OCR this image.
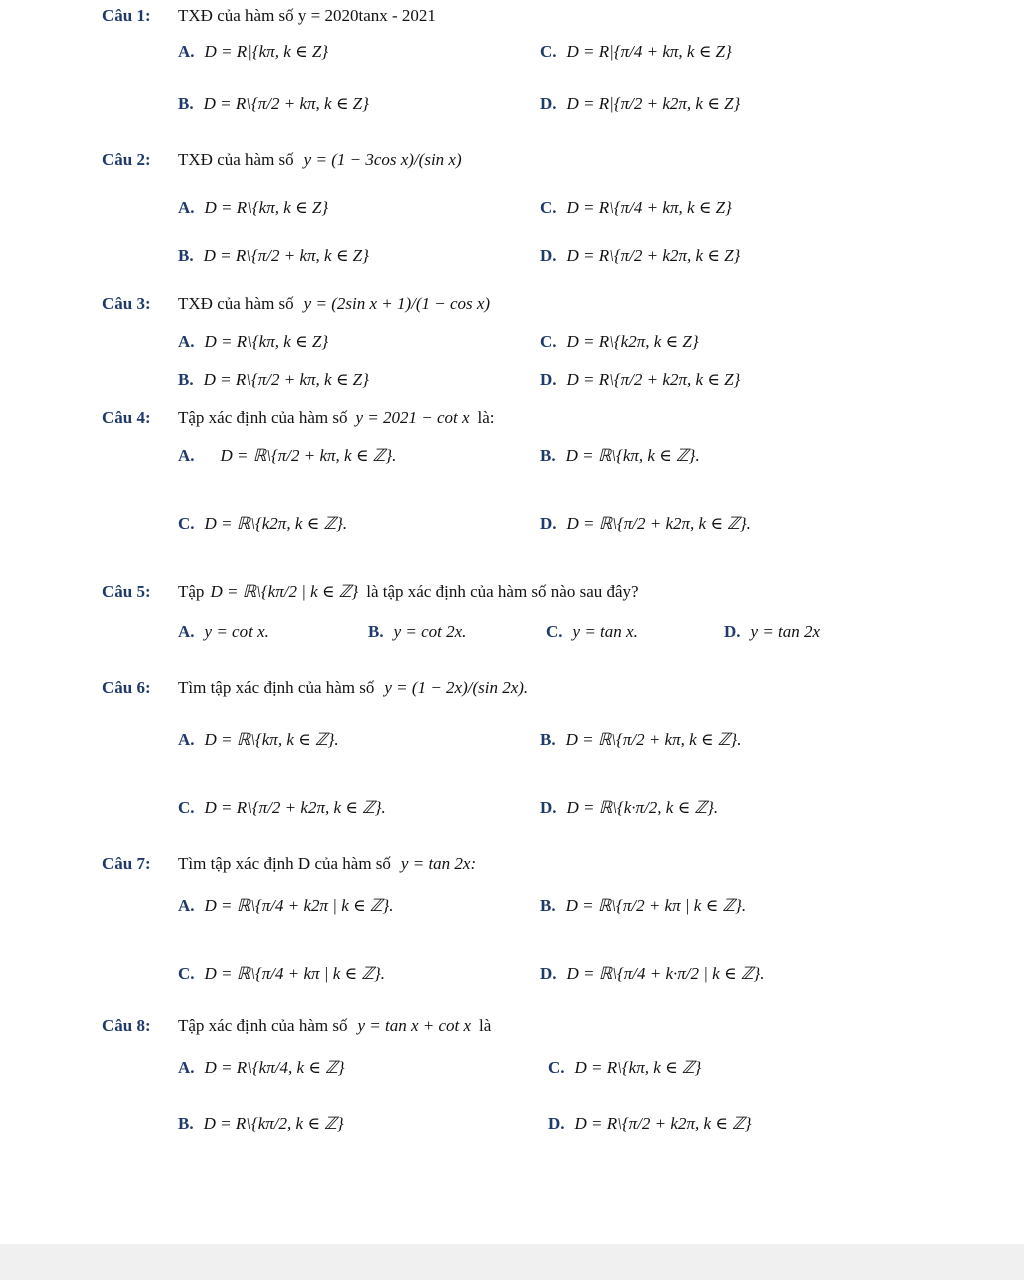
Câu 1: TXĐ của hàm số y = 2020tanx - 2021
A. D = R|{kπ, k ∈ Z}	C. D = R|{π/4 + kπ, k ∈ Z}
B. D = R\{π/2 + kπ, k ∈ Z}	D. D = R|{π/2 + k2π, k ∈ Z}
Câu 2: TXĐ của hàm số y = (1 − 3cos x)/(sin x)
A. D = R\{kπ, k ∈ Z}	C. D = R\{π/4 + kπ, k ∈ Z}
B. D = R\{π/2 + kπ, k ∈ Z}	D. D = R\{π/2 + k2π, k ∈ Z}
Câu 3: TXĐ của hàm số y = (2sin x + 1)/(1 − cos x)
A. D = R\{kπ, k ∈ Z}	C. D = R\{k2π, k ∈ Z}
B. D = R\{π/2 + kπ, k ∈ Z}	D. D = R\{π/2 + k2π, k ∈ Z}
Câu 4: Tập xác định của hàm số y = 2021 − cot x là:
A. D = ℝ\{π/2 + kπ, k ∈ ℤ}.	B. D = ℝ\{kπ, k ∈ ℤ}.
C. D = ℝ\{k2π, k ∈ ℤ}.	D. D = ℝ\{π/2 + k2π, k ∈ ℤ}.
Câu 5: Tập D = ℝ\{kπ/2 | k ∈ ℤ} là tập xác định của hàm số nào sau đây?
A. y = cot x.	B. y = cot 2x.	C. y = tan x.	D. y = tan 2x
Câu 6: Tìm tập xác định của hàm số y = (1 − 2x)/(sin 2x).
A. D = ℝ\{kπ, k ∈ ℤ}.	B. D = ℝ\{π/2 + kπ, k ∈ ℤ}.
C. D = R\{π/2 + k2π, k ∈ ℤ}.	D. D = ℝ\{k·π/2, k ∈ ℤ}.
Câu 7: Tìm tập xác định D của hàm số y = tan 2x:
A. D = ℝ\{π/4 + k2π | k ∈ ℤ}.	B. D = ℝ\{π/2 + kπ | k ∈ ℤ}.
C. D = ℝ\{π/4 + kπ | k ∈ ℤ}.	D. D = ℝ\{π/4 + k·π/2 | k ∈ ℤ}.
Câu 8: Tập xác định của hàm số y = tan x + cot x là
A. D = R\{kπ/4, k ∈ ℤ}	C. D = R\{kπ, k ∈ ℤ}
B. D = R\{kπ/2, k ∈ ℤ}	D. D = R\{π/2 + k2π, k ∈ ℤ}
